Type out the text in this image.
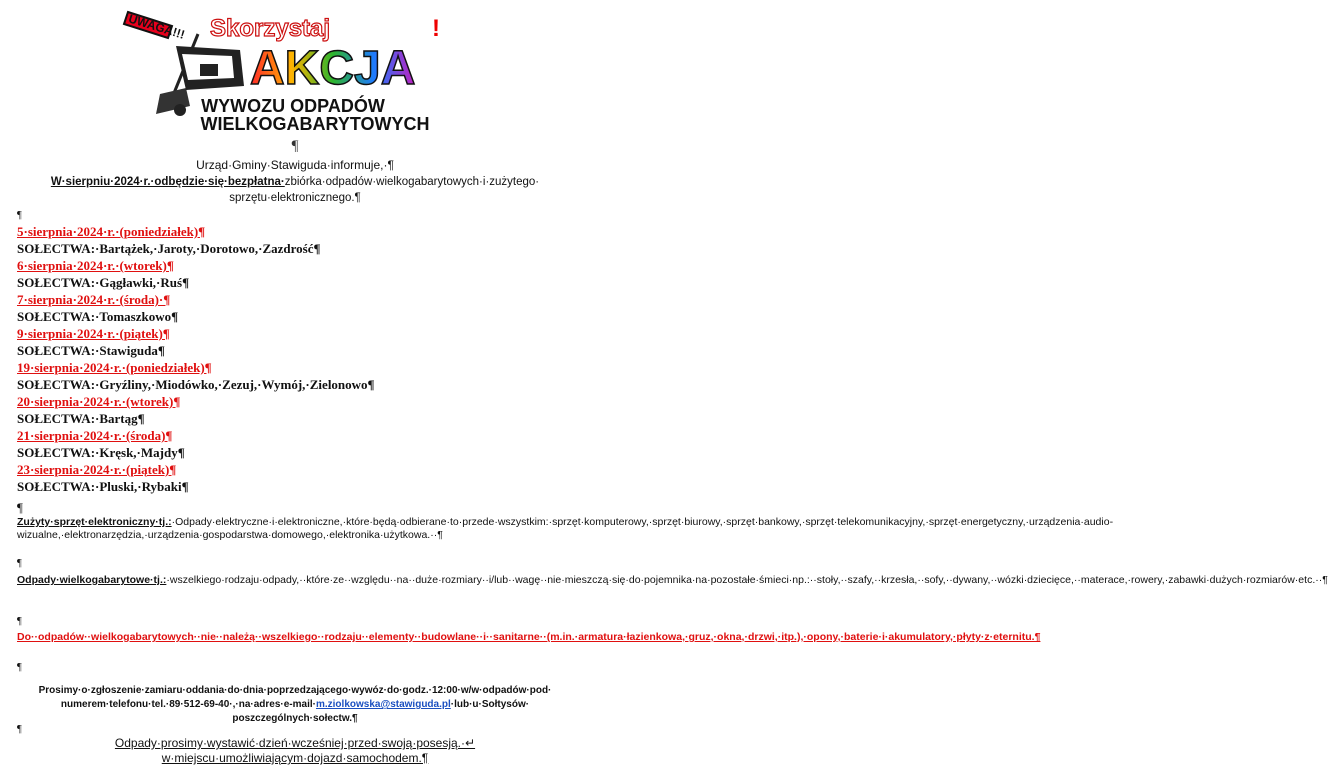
UWAGA!!! Skorzystaj	!
AKCJA
WYWOZU ODPADÓW
WIELKOGABARYTOWYCH
¶
Urząd·Gminy·Stawiguda·informuje,·¶
W·sierpniu·2024·r.·odbędzie·się·bezpłatna·zbiórka·odpadów·wielkogabarytowych·i·zużytego·
sprzętu·elektronicznego.¶
¶
5·sierpnia·2024·r.·(poniedziałek)¶
SOŁECTWA:·Bartążek,·Jaroty,·Dorotowo,·Zazdrość¶
6·sierpnia·2024·r.·(wtorek)¶
SOŁECTWA:·Gągławki,·Ruś¶
7·sierpnia·2024·r.·(środa)·¶
SOŁECTWA:·Tomaszkowo¶
9·sierpnia·2024·r.·(piątek)¶
SOŁECTWA:·Stawiguda¶
19·sierpnia·2024·r.·(poniedziałek)¶
SOŁECTWA:·Gryźliny,·Miodówko,·Zezuj,·Wymój,·Zielonowo¶
20·sierpnia·2024·r.·(wtorek)¶
SOŁECTWA:·Bartąg¶
21·sierpnia·2024·r.·(środa)¶
SOŁECTWA:·Kręsk,·Majdy¶
23·sierpnia·2024·r.·(piątek)¶
SOŁECTWA:·Pluski,·Rybaki¶
¶
Zużyty·sprzęt·elektroniczny·tj.:·Odpady·elektryczne·i·elektroniczne,·które·będą·odbierane·to·przede·wszystkim:·sprzęt·komputerowy,·sprzęt·biurowy,·sprzęt·bankowy,·sprzęt·telekomunikacyjny,·sprzęt·energetyczny,·urządzenia·audio-wizualne,·elektronarzędzia,·urządzenia·gospodarstwa·domowego,·elektronika·użytkowa.··¶
¶
Odpady·wielkogabarytowe·tj.:·wszelkiego·rodzaju·odpady,··które·ze··względu··na··duże·rozmiary··i/lub··wagę··nie·mieszczą·się·do·pojemnika·na·pozostałe·śmieci·np.:··stoły,··szafy,··krzesła,··sofy,··dywany,··wózki·dziecięce,··materace,·rowery,·zabawki·dużych·rozmiarów·etc.··¶
¶
Do··odpadów··wielkogabarytowych··nie··należą··wszelkiego··rodzaju··elementy··budowlane··i··sanitarne··(m.in.·armatura·łazienkowa,·gruz,·okna,·drzwi,·itp.),·opony,·baterie·i·akumulatory,·płyty·z·eternitu.¶
¶
Prosimy·o·zgłoszenie·zamiaru·oddania·do·dnia·poprzedzającego·wywóz·do·godz.·12:00·w/w·odpadów·pod·
numerem·telefonu·tel.·89·512-69-40·,·na·adres·e-mail·m.ziolkowska@stawiguda.pl·lub·u·Sołtysów·
poszczególnych·sołectw.¶
¶
Odpady·prosimy·wystawić·dzień·wcześniej·przed·swoją·posesją.·↵
w·miejscu·umożliwiającym·dojazd·samochodem.¶
